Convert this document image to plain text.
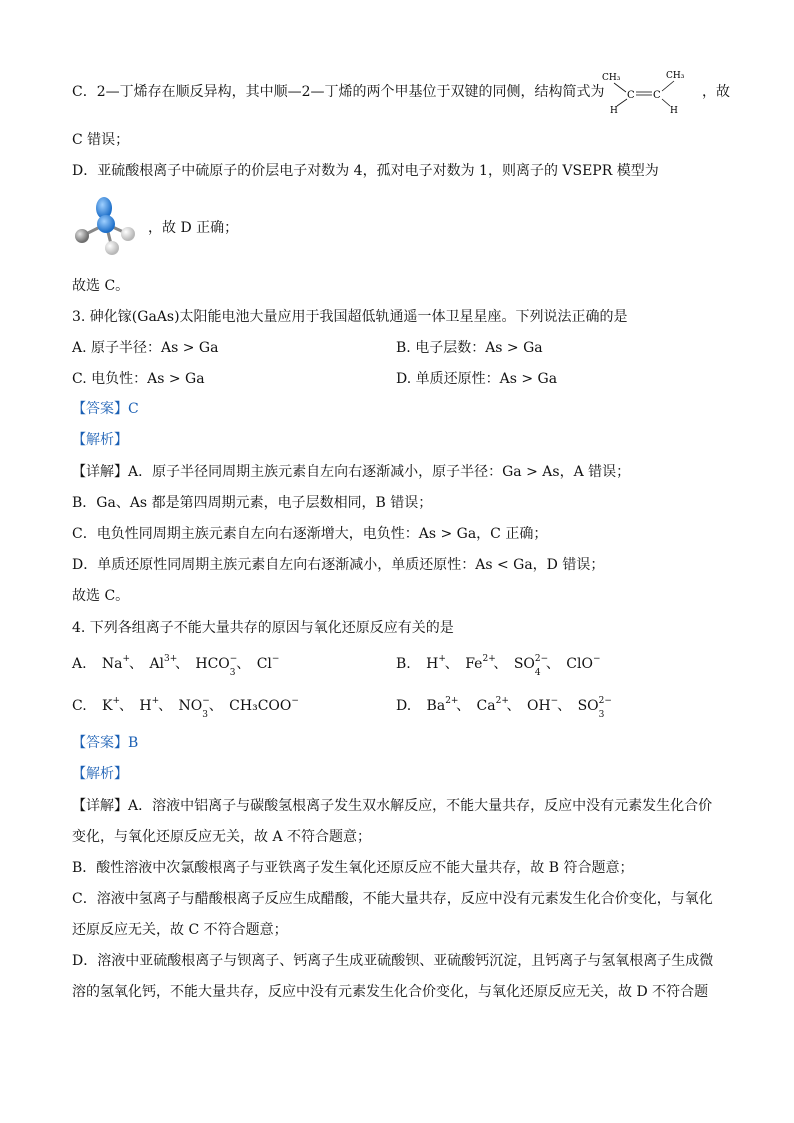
C．2—丁烯存在顺反异构，其中顺—2—丁烯的两个甲基位于双键的同侧，结构简式为
CH₃	CH₃
C C
H	H
，故
C 错误；
D．亚硫酸根离子中硫原子的价层电子对数为 4，孤对电子对数为 1，则离子的 VSEPR 模型为
，故 D 正确；
故选 C。
3. 砷化镓(GaAs)太阳能电池大量应用于我国超低轨通遥一体卫星星座。下列说法正确的是
A. 原子半径：As > Ga	B. 电子层数：As > Ga
C. 电负性：As > Ga	D. 单质还原性：As > Ga
【答案】C
【解析】
【详解】A．原子半径同周期主族元素自左向右逐渐减小，原子半径：Ga > As，A 错误；
B．Ga、As 都是第四周期元素，电子层数相同，B 错误；
C．电负性同周期主族元素自左向右逐渐增大，电负性：As > Ga，C 正确；
D．单质还原性同周期主族元素自左向右逐渐减小，单质还原性：As < Ga，D 错误；
故选 C。
4. 下列各组离子不能大量共存的原因与氧化还原反应有关的是
A. Na +
、 Al 3+
、 HCO −
3
、 Cl −	B. H +
、 Fe 2+
、 SO 2−
4
、 ClO −
C. K +
、 H +
、 NO −
3
、 CH₃COO −	D. Ba 2+
、 Ca 2+
、 OH −
、 SO 2−
3
【答案】B
【解析】
【详解】A．溶液中铝离子与碳酸氢根离子发生双水解反应，不能大量共存，反应中没有元素发生化合价
变化，与氧化还原反应无关，故 A 不符合题意；
B．酸性溶液中次氯酸根离子与亚铁离子发生氧化还原反应不能大量共存，故 B 符合题意；
C．溶液中氢离子与醋酸根离子反应生成醋酸，不能大量共存，反应中没有元素发生化合价变化，与氧化
还原反应无关，故 C 不符合题意；
D．溶液中亚硫酸根离子与钡离子、钙离子生成亚硫酸钡、亚硫酸钙沉淀，且钙离子与氢氧根离子生成微
溶的氢氧化钙，不能大量共存，反应中没有元素发生化合价变化，与氧化还原反应无关，故 D 不符合题
